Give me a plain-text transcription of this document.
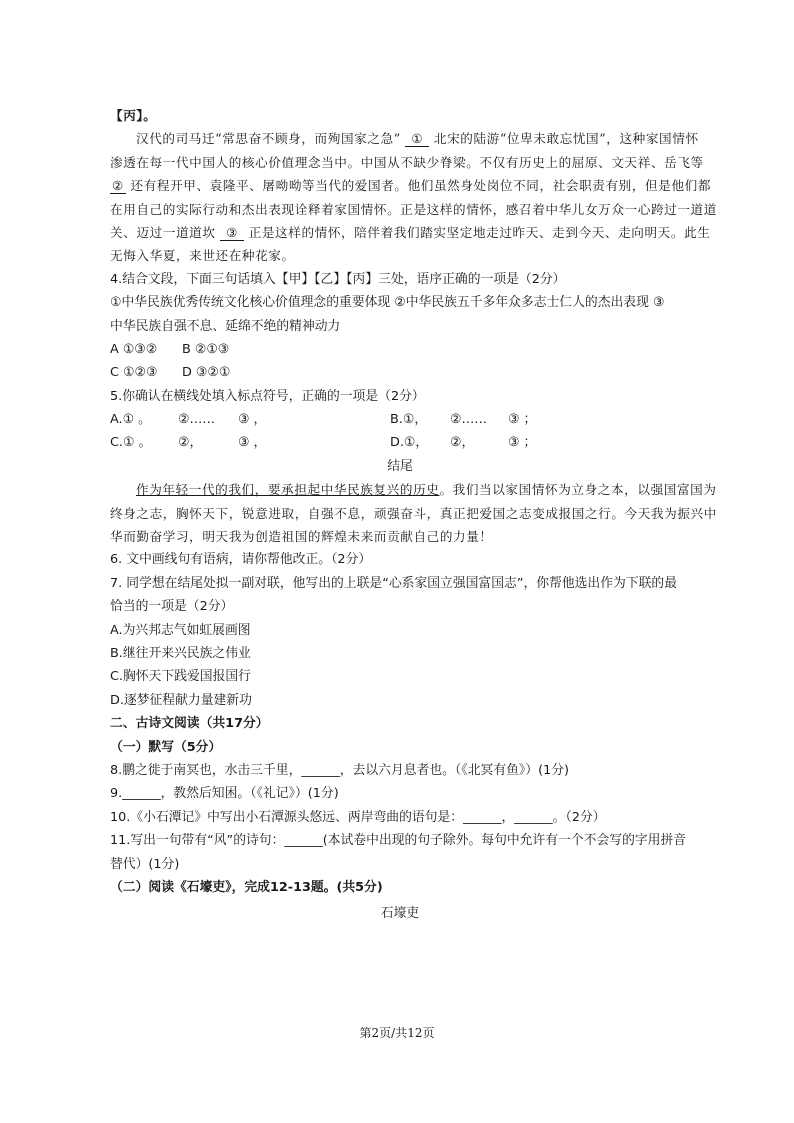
【丙】。
汉代的司马迁“常思奋不顾身，而殉国家之急” ① 北宋的陆游“位卑未敢忘忧国”，这种家国情怀
渗透在每一代中国人的核心价值理念当中。中国从不缺少脊梁。不仅有历史上的屈原、文天祥、岳飞等
② 还有程开甲、袁隆平、屠呦呦等当代的爱国者。他们虽然身处岗位不同，社会职责有别，但是他们都
在用自己的实际行动和杰出表现诠释着家国情怀。正是这样的情怀，感召着中华儿女万众一心跨过一道道
关、迈过一道道坎 ③ 正是这样的情怀，陪伴着我们踏实坚定地走过昨天、走到今天、走向明天。此生
无悔入华夏，来世还在种花家。
4.结合文段，下面三句话填入【甲】【乙】【丙】三处，语序正确的一项是（2分）
①中华民族优秀传统文化核心价值理念的重要体现 ②中华民族五千多年众多志士仁人的杰出表现 ③
中华民族自强不息、延绵不绝的精神动力
A ①③② B ②①③
C ①②③ D ③②①
5.你确认在横线处填入标点符号，正确的一项是（2分）
A.① 。 ②…… ③ ，	B.①， ②…… ③ ；
C.① 。 ②，	③ ，	D.①， ②，	③ ；
结尾
作为年轻一代的我们，要承担起中华民族复兴的历史。我们当以家国情怀为立身之本，以强国富国为
终身之志，胸怀天下，锐意进取，自强不息，顽强奋斗，真正把爱国之志变成报国之行。今天我为振兴中
华而勤奋学习，明天我为创造祖国的辉煌未来而贡献自己的力量！
6. 文中画线句有语病，请你帮他改正。（2分）
7. 同学想在结尾处拟一副对联，他写出的上联是“心系家国立强国富国志”，你帮他选出作为下联的最
恰当的一项是（2分）
A.为兴邦志气如虹展画图
B.继往开来兴民族之伟业
C.胸怀天下践爱国报国行
D.逐梦征程献力量建新功
二、古诗文阅读（共17分）
（一）默写（5分）
8.鹏之徙于南冥也，水击三千里，______，去以六月息者也。（《北冥有鱼》）(1分)
9.______，教然后知困。（《礼记》）(1分)
10.《小石潭记》中写出小石潭源头悠远、两岸弯曲的语句是：______，______。（2分）
11.写出一句带有“风”的诗句：______(本试卷中出现的句子除外。每句中允许有一个不会写的字用拼音
替代）(1分)
（二）阅读《石壕吏》，完成12-13题。(共5分)
石壕吏
第2页/共12页
